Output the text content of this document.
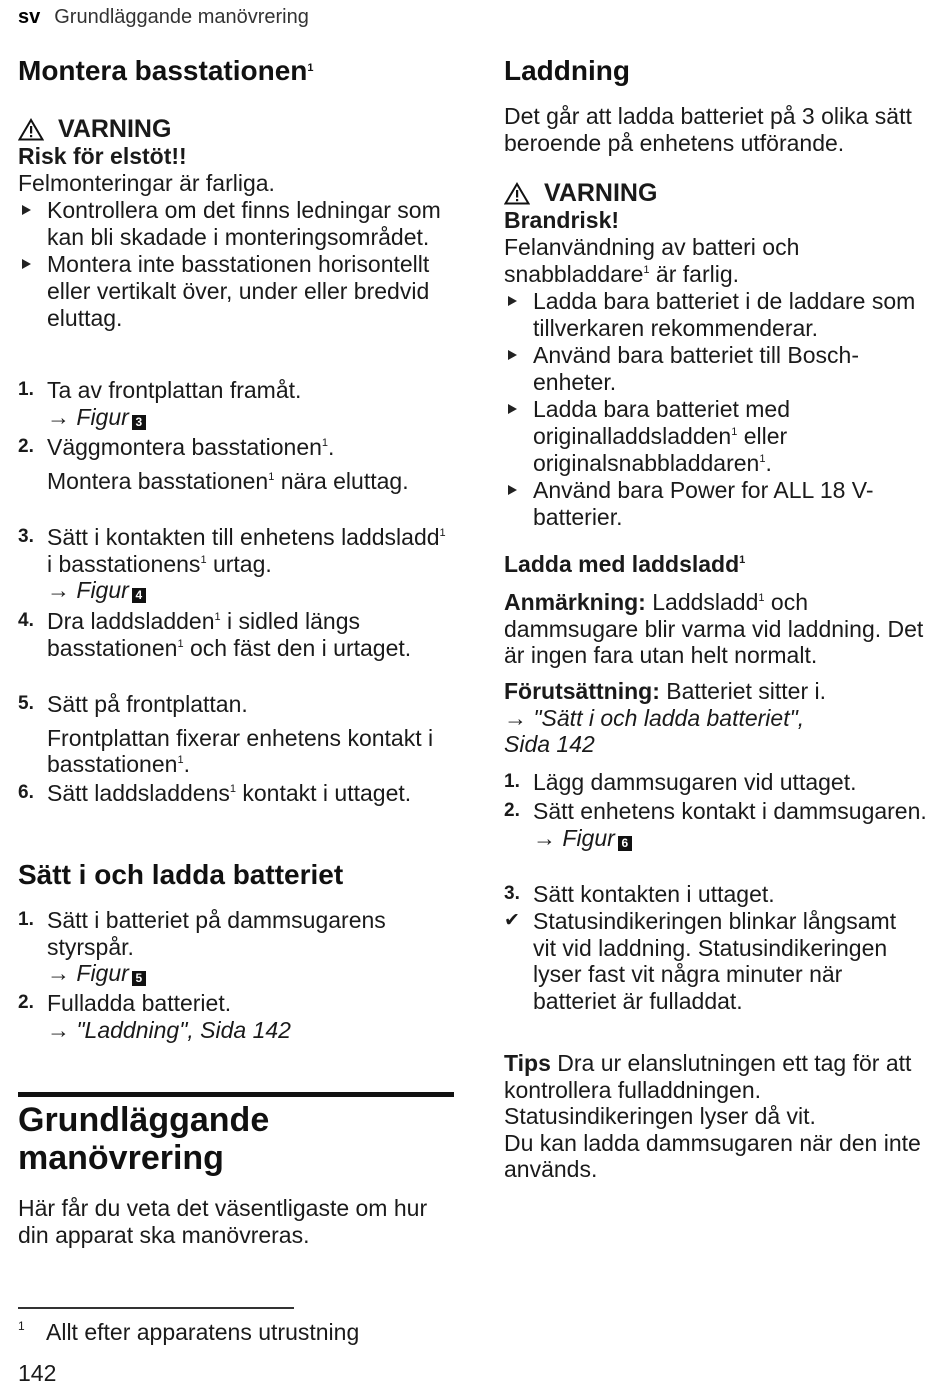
sv Grundläggande manövrering
Montera basstationen$^1$
VARNING
Risk för elstöt!!
Felmonteringar är farliga.
Kontrollera om det finns ledningar som kan bli skadade i monteringsområdet.
Montera inte basstationen horisontellt eller vertikalt över, under eller bredvid eluttag.
1. Ta av frontplattan framåt.
→ Figur 3
2. Väggmontera basstationen$^1$.
Montera basstationen$^1$ nära eluttag.
3. Sätt i kontakten till enhetens laddsladd$^1$ i basstationens$^1$ urtag.
→ Figur 4
4. Dra laddsladden$^1$ i sidled längs basstationen$^1$ och fäst den i urtaget.
5. Sätt på frontplattan.
Frontplattan fixerar enhetens kontakt i basstationen$^1$.
6. Sätt laddsladdens$^1$ kontakt i uttaget.
Sätt i och ladda batteriet
1. Sätt i batteriet på dammsugarens styrspår.
→ Figur 5
2. Fulladda batteriet.
→ "Laddning", Sida 142
Grundläggande manövrering
Här får du veta det väsentligaste om hur din apparat ska manövreras.
Laddning
Det går att ladda batteriet på 3 olika sätt beroende på enhetens utförande.
VARNING
Brandrisk!
Felanvändning av batteri och snabbladdare$^1$ är farlig.
Ladda bara batteriet i de laddare som tillverkaren rekommenderar.
Använd bara batteriet till Bosch-enheter.
Ladda bara batteriet med originalladdsladden$^1$ eller originalsnabbladdaren$^1$.
Använd bara Power for ALL 18 V-batterier.
Ladda med laddsladd$^1$
Anmärkning: Laddsladd$^1$ och dammsugare blir varma vid laddning. Det är ingen fara utan helt normalt.
Förutsättning: Batteriet sitter i.
→ "Sätt i och ladda batteriet", Sida 142
1. Lägg dammsugaren vid uttaget.
2. Sätt enhetens kontakt i dammsugaren.
→ Figur 6
3. Sätt kontakten i uttaget.
✔ Statusindikeringen blinkar långsamt vit vid laddning. Statusindikeringen lyser fast vit några minuter när batteriet är fulladdat.
Tips Dra ur elanslutningen ett tag för att kontrollera fulladdningen. Statusindikeringen lyser då vit.
Du kan ladda dammsugaren när den inte används.
1 Allt efter apparatens utrustning
142
